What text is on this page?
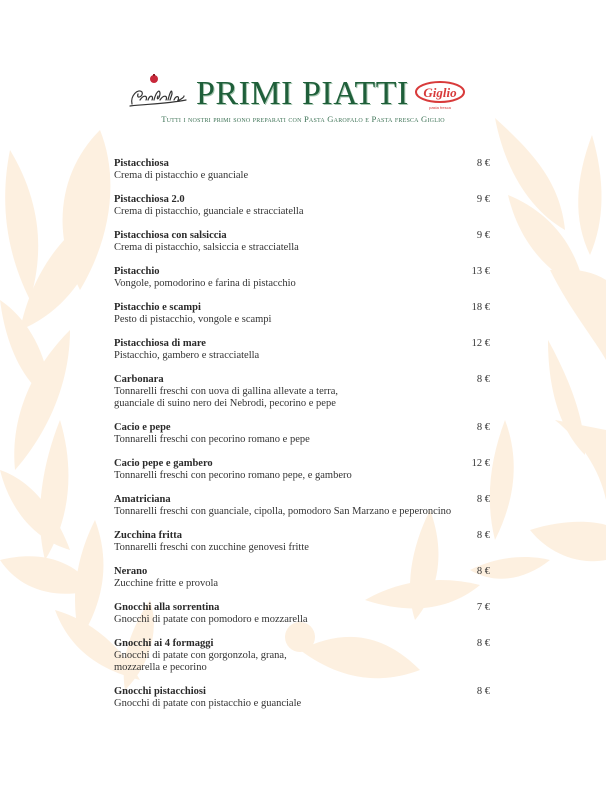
PRIMI PIATTI Giglio
pasta fresca
Tutti i nostri primi sono preparati con Pasta Garofalo e Pasta fresca Giglio
Pistacchiosa
Crema di pistacchio e guanciale
8 €
Pistacchiosa 2.0
Crema di pistacchio, guanciale e stracciatella
9 €
Pistacchiosa con salsiccia
Crema di pistacchio, salsiccia e stracciatella
9 €
Pistacchio
Vongole, pomodorino e farina di pistacchio
13 €
Pistacchio e scampi
Pesto di pistacchio, vongole e scampi
18 €
Pistacchiosa di mare
Pistacchio, gambero e stracciatella
12 €
Carbonara
Tonnarelli freschi con uova di gallina allevate a terra,
guanciale di suino nero dei Nebrodi, pecorino e pepe
8 €
Cacio e pepe
Tonnarelli freschi con pecorino romano e pepe
8 €
Cacio pepe e gambero
Tonnarelli freschi con pecorino romano pepe, e gambero
12 €
Amatriciana
Tonnarelli freschi con guanciale, cipolla, pomodoro San Marzano e peperoncino
8 €
Zucchina fritta
Tonnarelli freschi con zucchine genovesi fritte
8 €
Nerano
Zucchine fritte e provola
8 €
Gnocchi alla sorrentina
Gnocchi di patate con pomodoro e mozzarella
7 €
Gnocchi ai 4 formaggi
Gnocchi di patate con gorgonzola, grana,
mozzarella e pecorino
8 €
Gnocchi pistacchiosi
Gnocchi di patate con pistacchio e guanciale
8 €
